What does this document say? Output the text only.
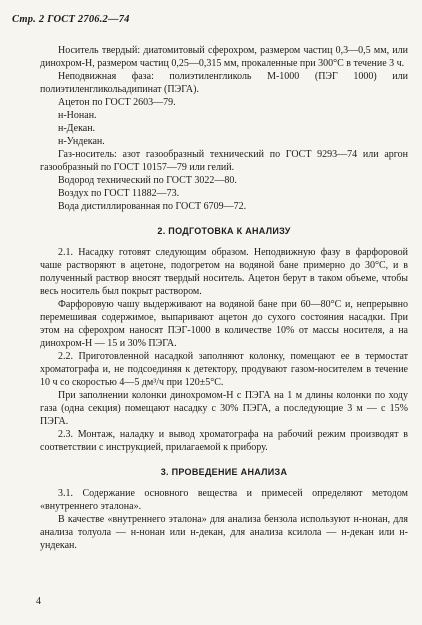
Стр. 2 ГОСТ 2706.2—74

Носитель твердый: диатомитовый сферохром, размером частиц 0,3—0,5 мм, или динохром-Н, размером частиц 0,25—0,315 мм, прокаленные при 300°С в течение 3 ч.

Неподвижная фаза: полиэтиленгликоль М-1000 (ПЭГ 1000) или полиэтиленгликольадипинат (ПЭГА).

Ацетон по ГОСТ 2603—79.

н-Нонан.

н-Декан.

н-Ундекан.

Газ-носитель: азот газообразный технический по ГОСТ 9293—74 или аргон газообразный по ГОСТ 10157—79 или гелий.

Водород технический по ГОСТ 3022—80.

Воздух по ГОСТ 11882—73.

Вода дистиллированная по ГОСТ 6709—72.

2. ПОДГОТОВКА К АНАЛИЗУ

2.1. Насадку готовят следующим образом. Неподвижную фазу в фарфоровой чаше растворяют в ацетоне, подогретом на водяной бане примерно до 30°С, и в полученный раствор вносят твердый носитель. Ацетон берут в таком объеме, чтобы весь носитель был покрыт раствором.

Фарфоровую чашу выдерживают на водяной бане при 60—80°С и, непрерывно перемешивая содержимое, выпаривают ацетон до сухого состояния насадки. При этом на сферохром наносят ПЭГ-1000 в количестве 10% от массы носителя, а на динохром-Н — 15 и 30% ПЭГА.

2.2. Приготовленной насадкой заполняют колонку, помещают ее в термостат хроматографа и, не подсоединяя к детектору, продувают газом-носителем в течение 10 ч со скоростью 4—5 дм³/ч при 120±5°С.

При заполнении колонки динохромом-Н с ПЭГА на 1 м длины колонки по ходу газа (одна секция) помещают насадку с 30% ПЭГА, а последующие 3 м — с 15% ПЭГА.

2.3. Монтаж, наладку и вывод хроматографа на рабочий режим производят в соответствии с инструкцией, прилагаемой к прибору.

3. ПРОВЕДЕНИЕ АНАЛИЗА

3.1. Содержание основного вещества и примесей определяют методом «внутреннего эталона».

В качестве «внутреннего эталона» для анализа бензола используют н-нонан, для анализа толуола — н-нонан или н-декан, для анализа ксилола — н-декан или н-ундекан.

4
